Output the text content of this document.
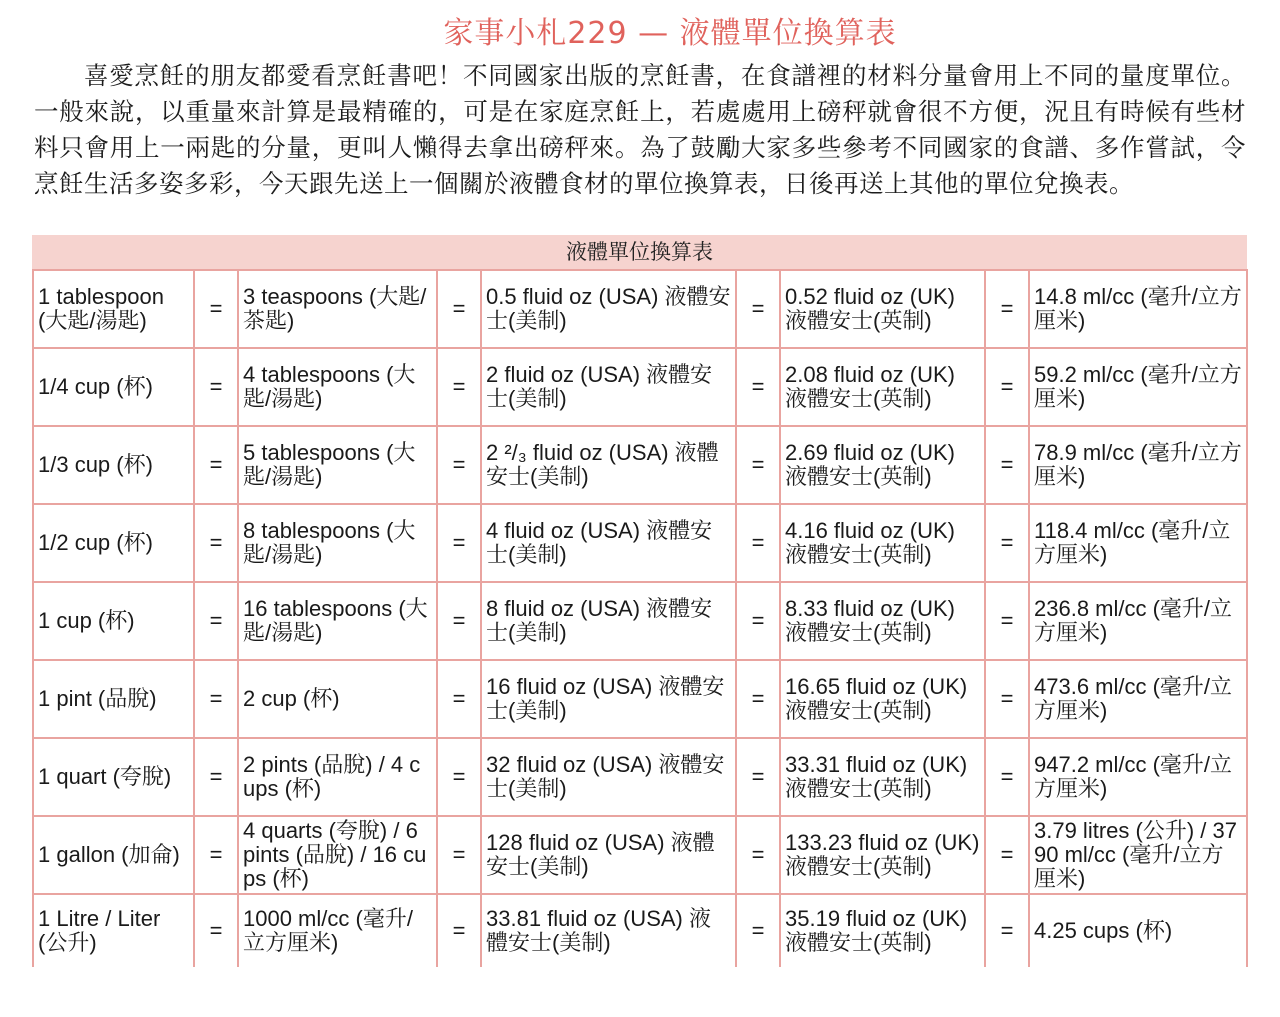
家事小札229 — 液體單位換算表

喜愛烹飪的朋友都愛看烹飪書吧！不同國家出版的烹飪書，在食譜裡的材料分量會用上不同的量度單位。一般來說，以重量來計算是最精確的，可是在家庭烹飪上，若處處用上磅秤就會很不方便，況且有時候有些材料只會用上一兩匙的分量，更叫人懶得去拿出磅秤來。為了鼓勵大家多些參考不同國家的食譜、多作嘗試，令烹飪生活多姿多彩，今天跟先送上一個關於液體食材的單位換算表，日後再送上其他的單位兌換表。

液體單位換算表
1 tablespoon (大匙/湯匙)	=	3 teaspoons (大匙/茶匙)	=	0.5 fluid oz (USA) 液體安士(美制)	=	0.52 fluid oz (UK) 液體安士(英制)	=	14.8 ml/cc (毫升/立方厘米)
1/4 cup (杯)	=	4 tablespoons (大匙/湯匙)	=	2 fluid oz (USA) 液體安士(美制)	=	2.08 fluid oz (UK) 液體安士(英制)	=	59.2 ml/cc (毫升/立方厘米)
1/3 cup (杯)	=	5 tablespoons (大匙/湯匙)	=	2 ²/₃ fluid oz (USA) 液體安士(美制)	=	2.69 fluid oz (UK) 液體安士(英制)	=	78.9 ml/cc (毫升/立方厘米)
1/2 cup (杯)	=	8 tablespoons (大匙/湯匙)	=	4 fluid oz (USA) 液體安士(美制)	=	4.16 fluid oz (UK) 液體安士(英制)	=	118.4 ml/cc (毫升/立方厘米)
1 cup (杯)	=	16 tablespoons (大匙/湯匙)	=	8 fluid oz (USA) 液體安士(美制)	=	8.33 fluid oz (UK) 液體安士(英制)	=	236.8 ml/cc (毫升/立方厘米)
1 pint (品脫)	=	2 cup (杯)	=	16 fluid oz (USA) 液體安士(美制)	=	16.65 fluid oz (UK) 液體安士(英制)	=	473.6 ml/cc (毫升/立方厘米)
1 quart (夸脫)	=	2 pints (品脫) / 4 cups (杯)	=	32 fluid oz (USA) 液體安士(美制)	=	33.31 fluid oz (UK) 液體安士(英制)	=	947.2 ml/cc (毫升/立方厘米)
1 gallon (加侖)	=	4 quarts (夸脫) / 6 pints (品脫) / 16 cups (杯)	=	128 fluid oz (USA) 液體安士(美制)	=	133.23 fluid oz (UK)液體安士(英制)	=	3.79 litres (公升) / 3790 ml/cc (毫升/立方厘米)
1 Litre / Liter (公升)	=	1000 ml/cc (毫升/立方厘米)	=	33.81 fluid oz (USA) 液體安士(美制)	=	35.19 fluid oz (UK) 液體安士(英制)	=	4.25 cups (杯)
